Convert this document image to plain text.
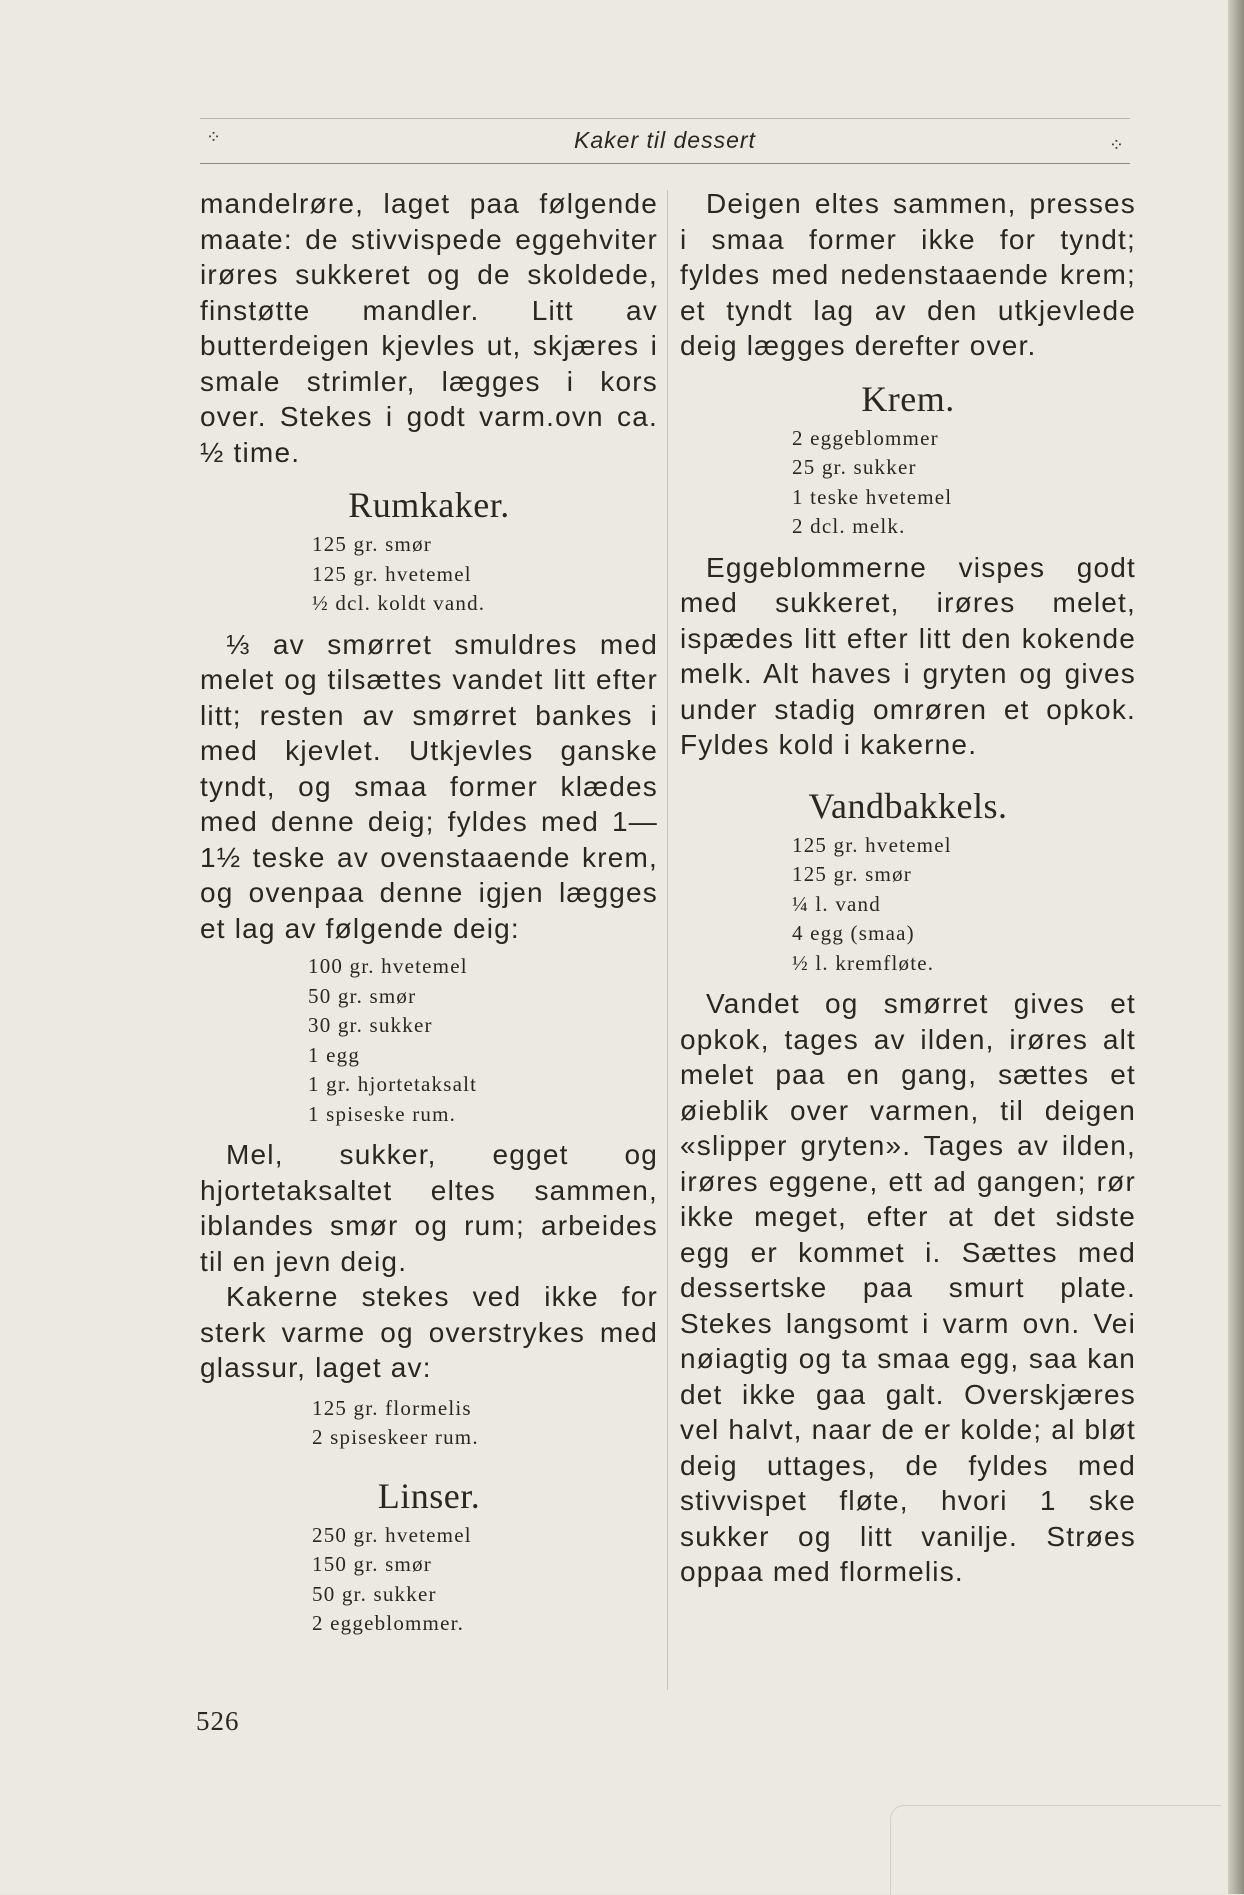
⁘	Kaker til dessert	⁘

mandelrøre, laget paa følgende maate: de stivvispede eggehviter irøres sukkeret og de skoldede, finstøtte mandler. Litt av butterdeigen kjevles ut, skjæres i smale strimler, lægges i kors over. Stekes i godt varm.ovn ca. ½ time.

Rumkaker.
125 gr. smør
125 gr. hvetemel
½ dcl. koldt vand.

⅓ av smørret smuldres med melet og tilsættes vandet litt efter litt; resten av smørret bankes i med kjevlet. Utkjevles ganske tyndt, og smaa former klædes med denne deig; fyldes med 1—1½ teske av ovenstaaende krem, og ovenpaa denne igjen lægges et lag av følgende deig:

100 gr. hvetemel
50 gr. smør
30 gr. sukker
1 egg
1 gr. hjortetaksalt
1 spiseske rum.

Mel, sukker, egget og hjortetaksaltet eltes sammen, iblandes smør og rum; arbeides til en jevn deig.

Kakerne stekes ved ikke for sterk varme og overstrykes med glassur, laget av:

125 gr. flormelis
2 spiseskeer rum.
Linser.
250 gr. hvetemel
150 gr. smør
50 gr. sukker
2 eggeblommer.

Deigen eltes sammen, presses i smaa former ikke for tyndt; fyldes med nedenstaaende krem; et tyndt lag av den utkjevlede deig lægges derefter over.

Krem.
2 eggeblommer
25 gr. sukker
1 teske hvetemel
2 dcl. melk.

Eggeblommerne vispes godt med sukkeret, irøres melet, ispædes litt efter litt den kokende melk. Alt haves i gryten og gives under stadig omrøren et opkok. Fyldes kold i kakerne.

Vandbakkels.
125 gr. hvetemel
125 gr. smør
¼ l. vand
4 egg (smaa)
½ l. kremfløte.

Vandet og smørret gives et opkok, tages av ilden, irøres alt melet paa en gang, sættes et øieblik over varmen, til deigen «slipper gryten». Tages av ilden, irøres eggene, ett ad gangen; rør ikke meget, efter at det sidste egg er kommet i. Sættes med dessertske paa smurt plate. Stekes langsomt i varm ovn. Vei nøiagtig og ta smaa egg, saa kan det ikke gaa galt. Overskjæres vel halvt, naar de er kolde; al bløt deig uttages, de fyldes med stivvispet fløte, hvori 1 ske sukker og litt vanilje. Strøes oppaa med flormelis.

526
